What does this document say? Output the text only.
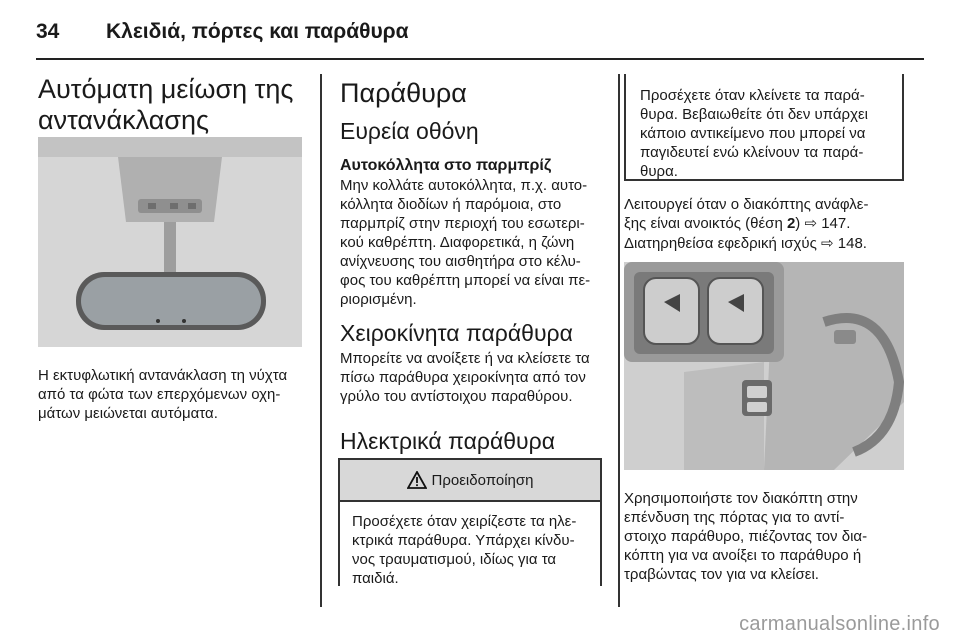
34 Κλειδιά, πόρτες και παράθυρα
Αυτόματη μείωση της
αντανάκλασης

Η εκτυφλωτική αντανάκλαση τη νύχτα
από τα φώτα των επερχόμενων οχη-
μάτων μειώνεται αυτόματα.

Παράθυρα
Ευρεία οθόνη
Αυτοκόλλητα στο παρμπρίζ

Μην κολλάτε αυτοκόλλητα, π.χ. αυτο-
κόλλητα διοδίων ή παρόμοια, στο
παρμπρίζ στην περιοχή του εσωτερι-
κού καθρέπτη. Διαφορετικά, η ζώνη
ανίχνευσης του αισθητήρα στο κέλυ-
φος του καθρέπτη μπορεί να είναι πε-
ριορισμένη.

Χειροκίνητα παράθυρα

Μπορείτε να ανοίξετε ή να κλείσετε τα
πίσω παράθυρα χειροκίνητα από τον
γρύλο του αντίστοιχου παραθύρου.

Ηλεκτρικά παράθυρα
Προειδοποίηση
Προσέχετε όταν χειρίζεστε τα ηλε-
κτρικά παράθυρα. Υπάρχει κίνδυ-
νος τραυματισμού, ιδίως για τα
παιδιά.
Προσέχετε όταν κλείνετε τα παρά-
θυρα. Βεβαιωθείτε ότι δεν υπάρχει
κάποιο αντικείμενο που μπορεί να
παγιδευτεί ενώ κλείνουν τα παρά-
θυρα.

Λειτουργεί όταν ο διακόπτης ανάφλε-
ξης είναι ανοικτός (θέση 2) ⇨ 147.

Διατηρηθείσα εφεδρική ισχύς ⇨ 148.

Χρησιμοποιήστε τον διακόπτη στην
επένδυση της πόρτας για το αντί-
στοιχο παράθυρο, πιέζοντας τον δια-
κόπτη για να ανοίξει το παράθυρο ή
τραβώντας τον για να κλείσει.

carmanualsonline.info
